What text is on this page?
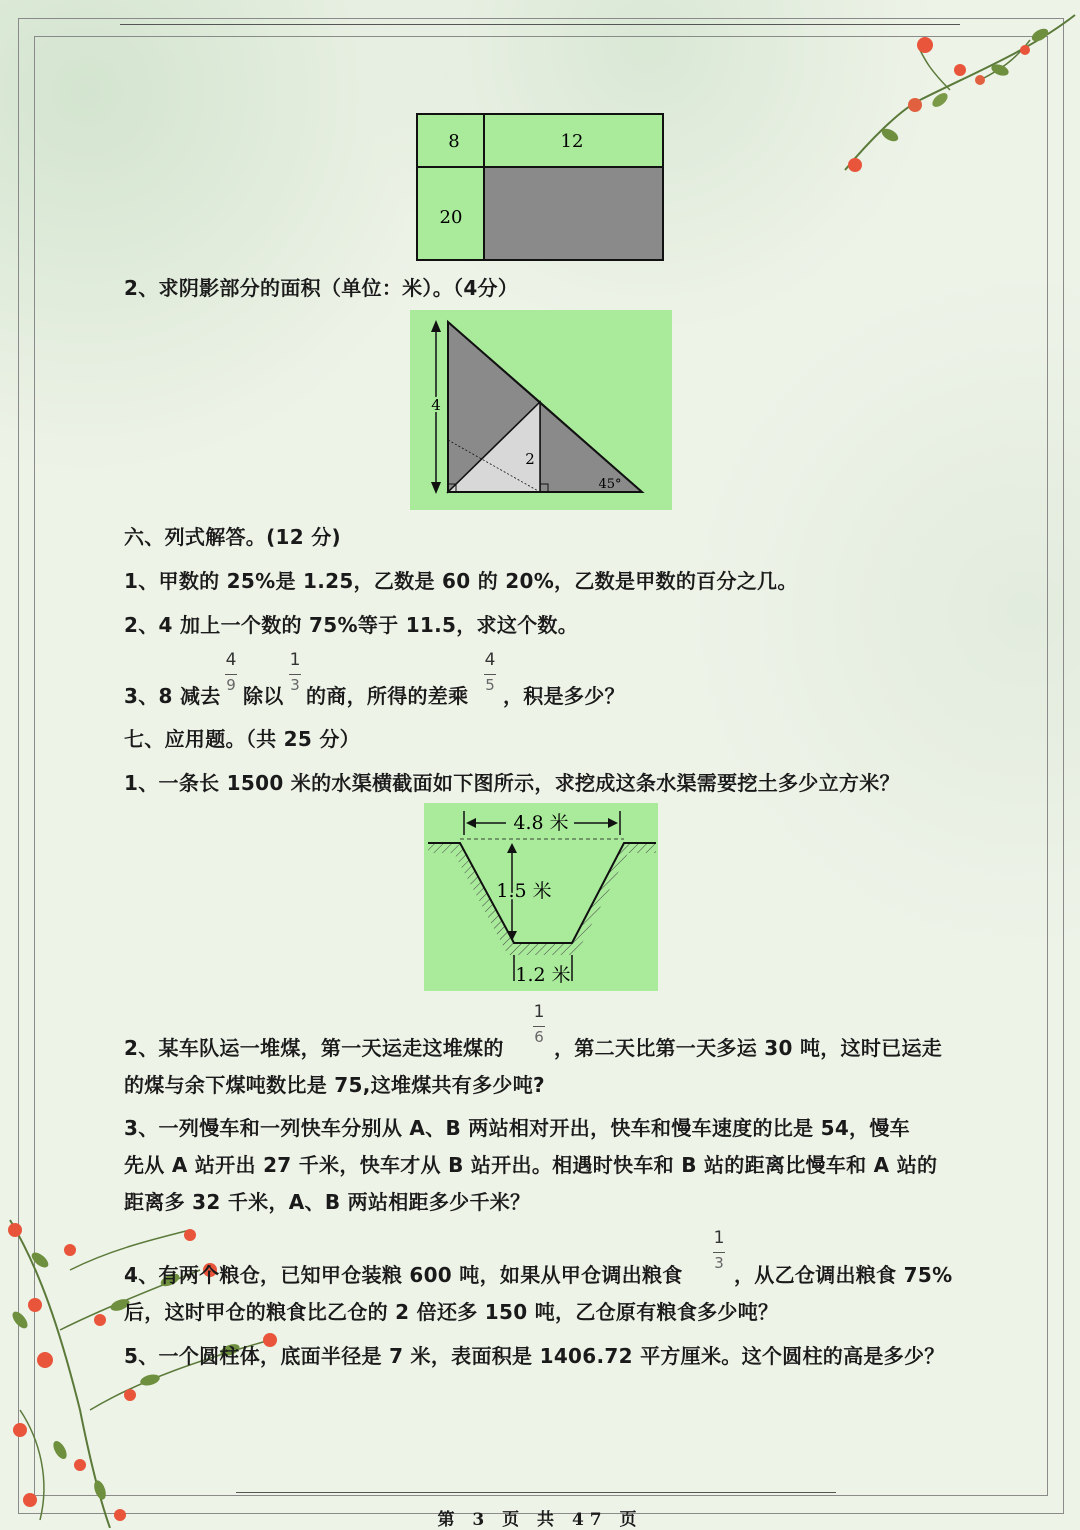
8	12
20
2、求阴影部分的面积（单位：米）。（4分）
4
2
45°
六、列式解答。(12 分)
1、甲数的 25%是 1.25，乙数是 60 的 20%，乙数是甲数的百分之几。
2、4 加上一个数的 75%等于 11.5，求这个数。
3、8 减去
4
9 除以
1
3 的商，所得的差乘
4
5 ，积是多少？
七、应用题。（共 25 分）
1、一条长 1500 米的水渠横截面如下图所示，求挖成这条水渠需要挖土多少立方米？
4.8 米
1.5 米
1.2 米
2、某车队运一堆煤，第一天运走这堆煤的
1
6 ，第二天比第一天多运 30 吨，这时已运走
的煤与余下煤吨数比是 75,这堆煤共有多少吨?
3、一列慢车和一列快车分别从 A、B 两站相对开出，快车和慢车速度的比是 54，慢车
先从 A 站开出 27 千米，快车才从 B 站开出。相遇时快车和 B 站的距离比慢车和 A 站的
距离多 32 千米，A、B 两站相距多少千米？
4、有两个粮仓，已知甲仓装粮 600 吨，如果从甲仓调出粮食
1
3 ，从乙仓调出粮食 75%
后，这时甲仓的粮食比乙仓的 2 倍还多 150 吨，乙仓原有粮食多少吨？
5、一个圆柱体，底面半径是 7 米，表面积是 1406.72 平方厘米。这个圆柱的高是多少？
第 3 页 共 47 页
